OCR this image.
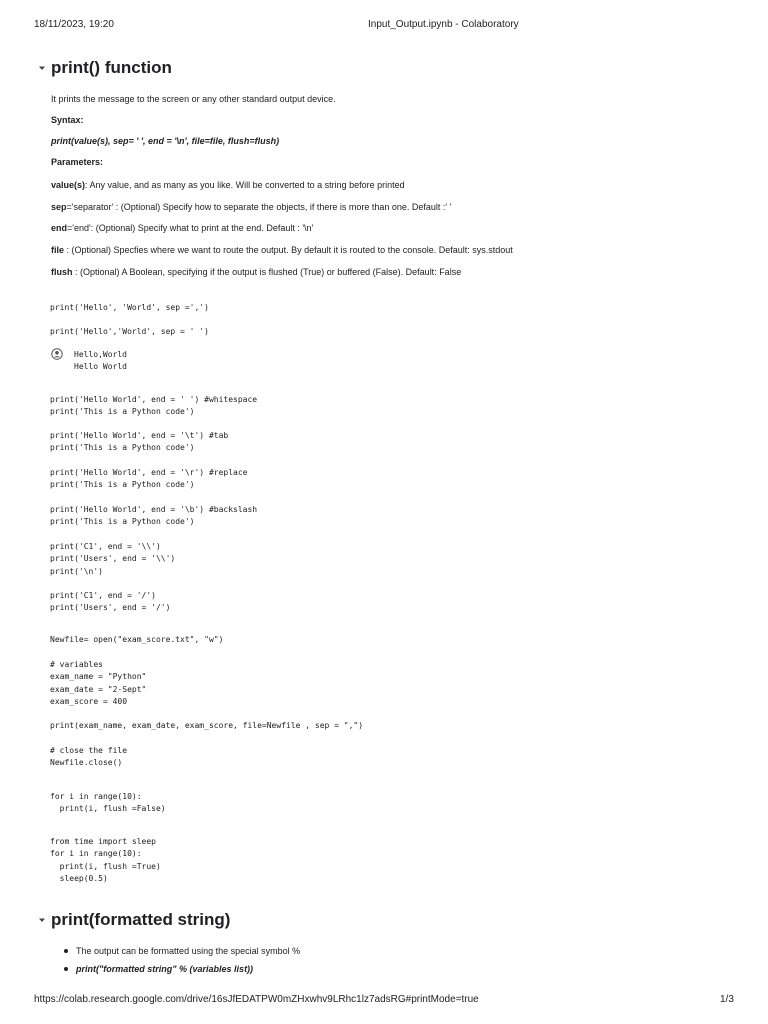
18/11/2023, 19:20	Input_Output.ipynb - Colaboratory
print() function
It prints the message to the screen or any other standard output device.
Syntax:
print(value(s), sep= ' ', end = '\n', file=file, flush=flush)
Parameters:
value(s): Any value, and as many as you like. Will be converted to a string before printed
sep='separator' : (Optional) Specify how to separate the objects, if there is more than one. Default :' '
end='end': (Optional) Specify what to print at the end. Default : '\n'
file : (Optional) Specfies where we want to route the output. By default it is routed to the console. Default: sys.stdout
flush : (Optional) A Boolean, specifying if the output is flushed (True) or buffered (False). Default: False
print('Hello', 'World', sep =',')
print('Hello','World', sep = ' ')
Hello,World
Hello World
print('Hello World', end = ' ') #whitespace
print('This is a Python code')
print('Hello World', end = '\t') #tab
print('This is a Python code')
print('Hello World', end = '\r') #replace
print('This is a Python code')
print('Hello World', end = '\b') #backslash
print('This is a Python code')
print('C1', end = '\\')
print('Users', end = '\\')
print('\n')
print('C1', end = '/')
print('Users', end = '/')
Newfile= open("exam_score.txt", "w")
# variables
exam_name = "Python"
exam_date = "2-Sept"
exam_score = 400
print(exam_name, exam_date, exam_score, file=Newfile , sep = ",")
# close the file
Newfile.close()
for i in range(10):
print(i, flush =False)
from time import sleep
for i in range(10):
print(i, flush =True)
sleep(0.5)
print(formatted string)
The output can be formatted using the special symbol %
print("formatted string" % (variables list))
https://colab.research.google.com/drive/16sJfEDATPW0mZHxwhv9LRhc1lz7adsRG#printMode=true	1/3
